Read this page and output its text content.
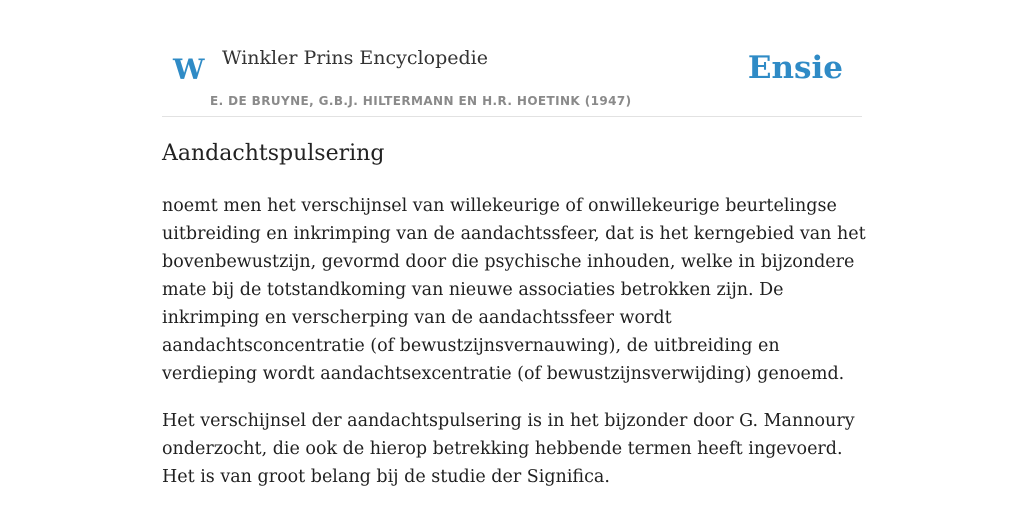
W Winkler Prins Encyclopedie	Ensie
E. DE BRUYNE, G.B.J. HILTERMANN EN H.R. HOETINK (1947)
Aandachtspulsering

noemt men het verschijnsel van willekeurige of onwillekeurige beurtelingse uitbreiding en inkrimping van de aandachtssfeer, dat is het kerngebied van het bovenbewustzijn, gevormd door die psychische inhouden, welke in bijzondere mate bij de totstandkoming van nieuwe associaties betrokken zijn. De inkrimping en verscherping van de aandachtssfeer wordt aandachtsconcentratie (of bewustzijnsvernauwing), de uitbreiding en verdieping wordt aandachtsexcentratie (of bewustzijnsverwijding) genoemd.

Het verschijnsel der aandachtspulsering is in het bijzonder door G. Mannoury onderzocht, die ook de hierop betrekking hebbende termen heeft ingevoerd. Het is van groot belang bij de studie der Significa.
